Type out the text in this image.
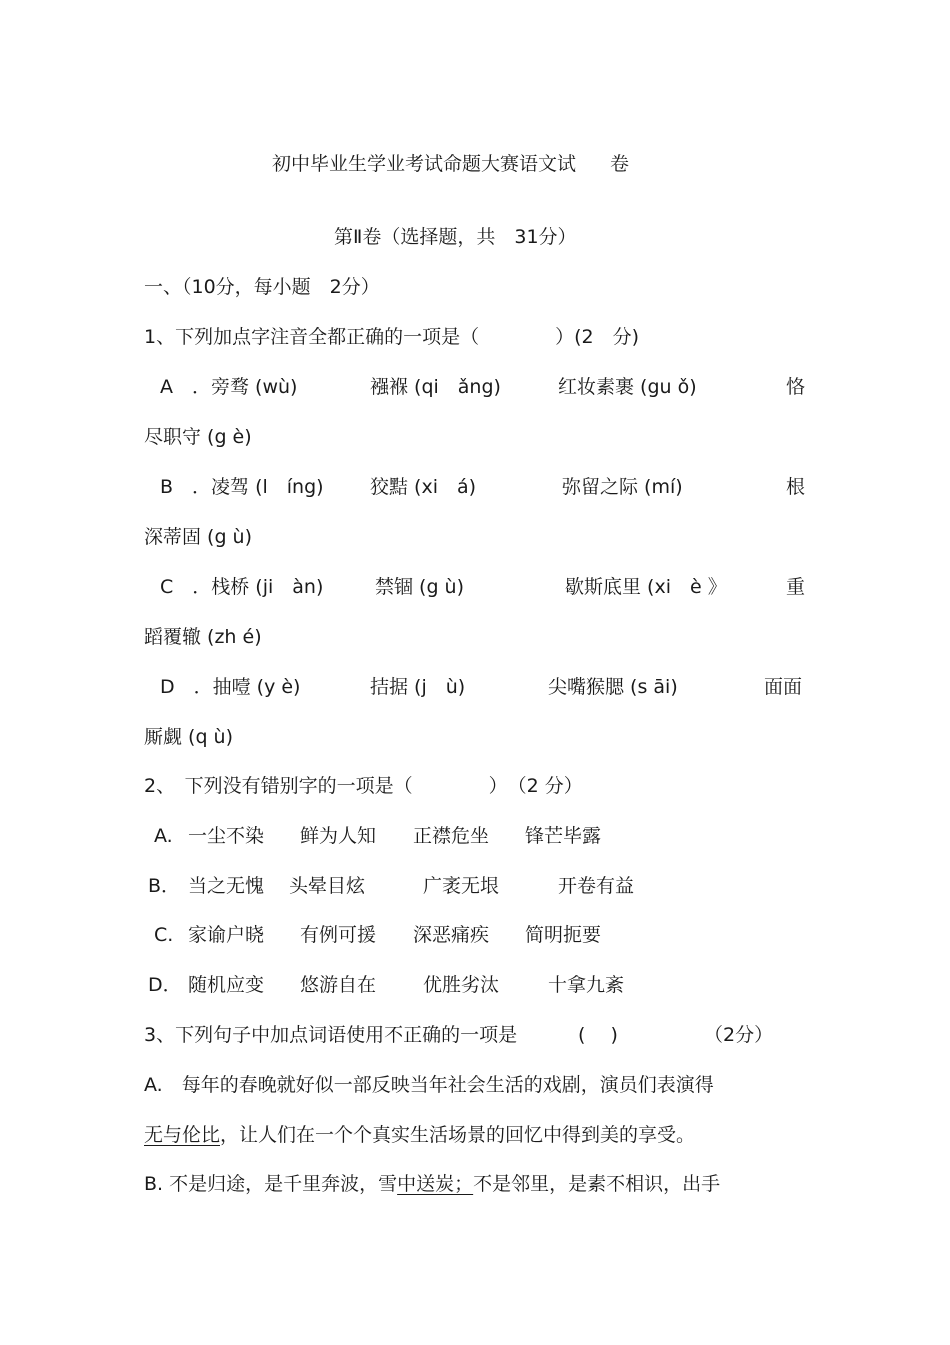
初中毕业生学业考试命题大赛语文试 卷
第Ⅱ卷（选择题，共　31分）
一、（10分，每小题　2分）
1、下列加点字注音全都正确的一项是（　　　　）(2　分)
A　．旁骛 (wù)	襁褓 (qi　ǎng)	红妆素裹 (gu ǒ)	恪
尽职守 (g è)
B　．凌驾 (l　íng) 狡黠 (xi　á)	弥留之际 (mí)	根
深蒂固 (g ù)
C　．栈桥 (ji　àn)	禁锢 (g ù)	歇斯底里 (xi　è 》	重
蹈覆辙 (zh é)
D　．抽噎 (y è)	拮据 (j　ù)	尖嘴猴腮 (s āi)	面面
厮觑 (q ù)
2、　下列没有错别字的一项是（　　　　）　（2 分）
A. 一尘不染 鲜为人知 正襟危坐 锋芒毕露
B． 当之无愧 头晕目炫	广袤无垠	开卷有益
C. 家谕户晓 有例可援 深恶痛疾 简明扼要
D． 随机应变 悠游自在 优胜劣汰	十拿九紊
3、下列句子中加点词语使用不正确的一项是	(　 )	（2分）
A.　每年的春晚就好似一部反映当年社会生活的戏剧，演员们表演得
无与伦比，让人们在一个个真实生活场景的回忆中得到美的享受。
B. 不是归途，是千里奔波，雪中送炭；不是邻里，是素不相识，出手
